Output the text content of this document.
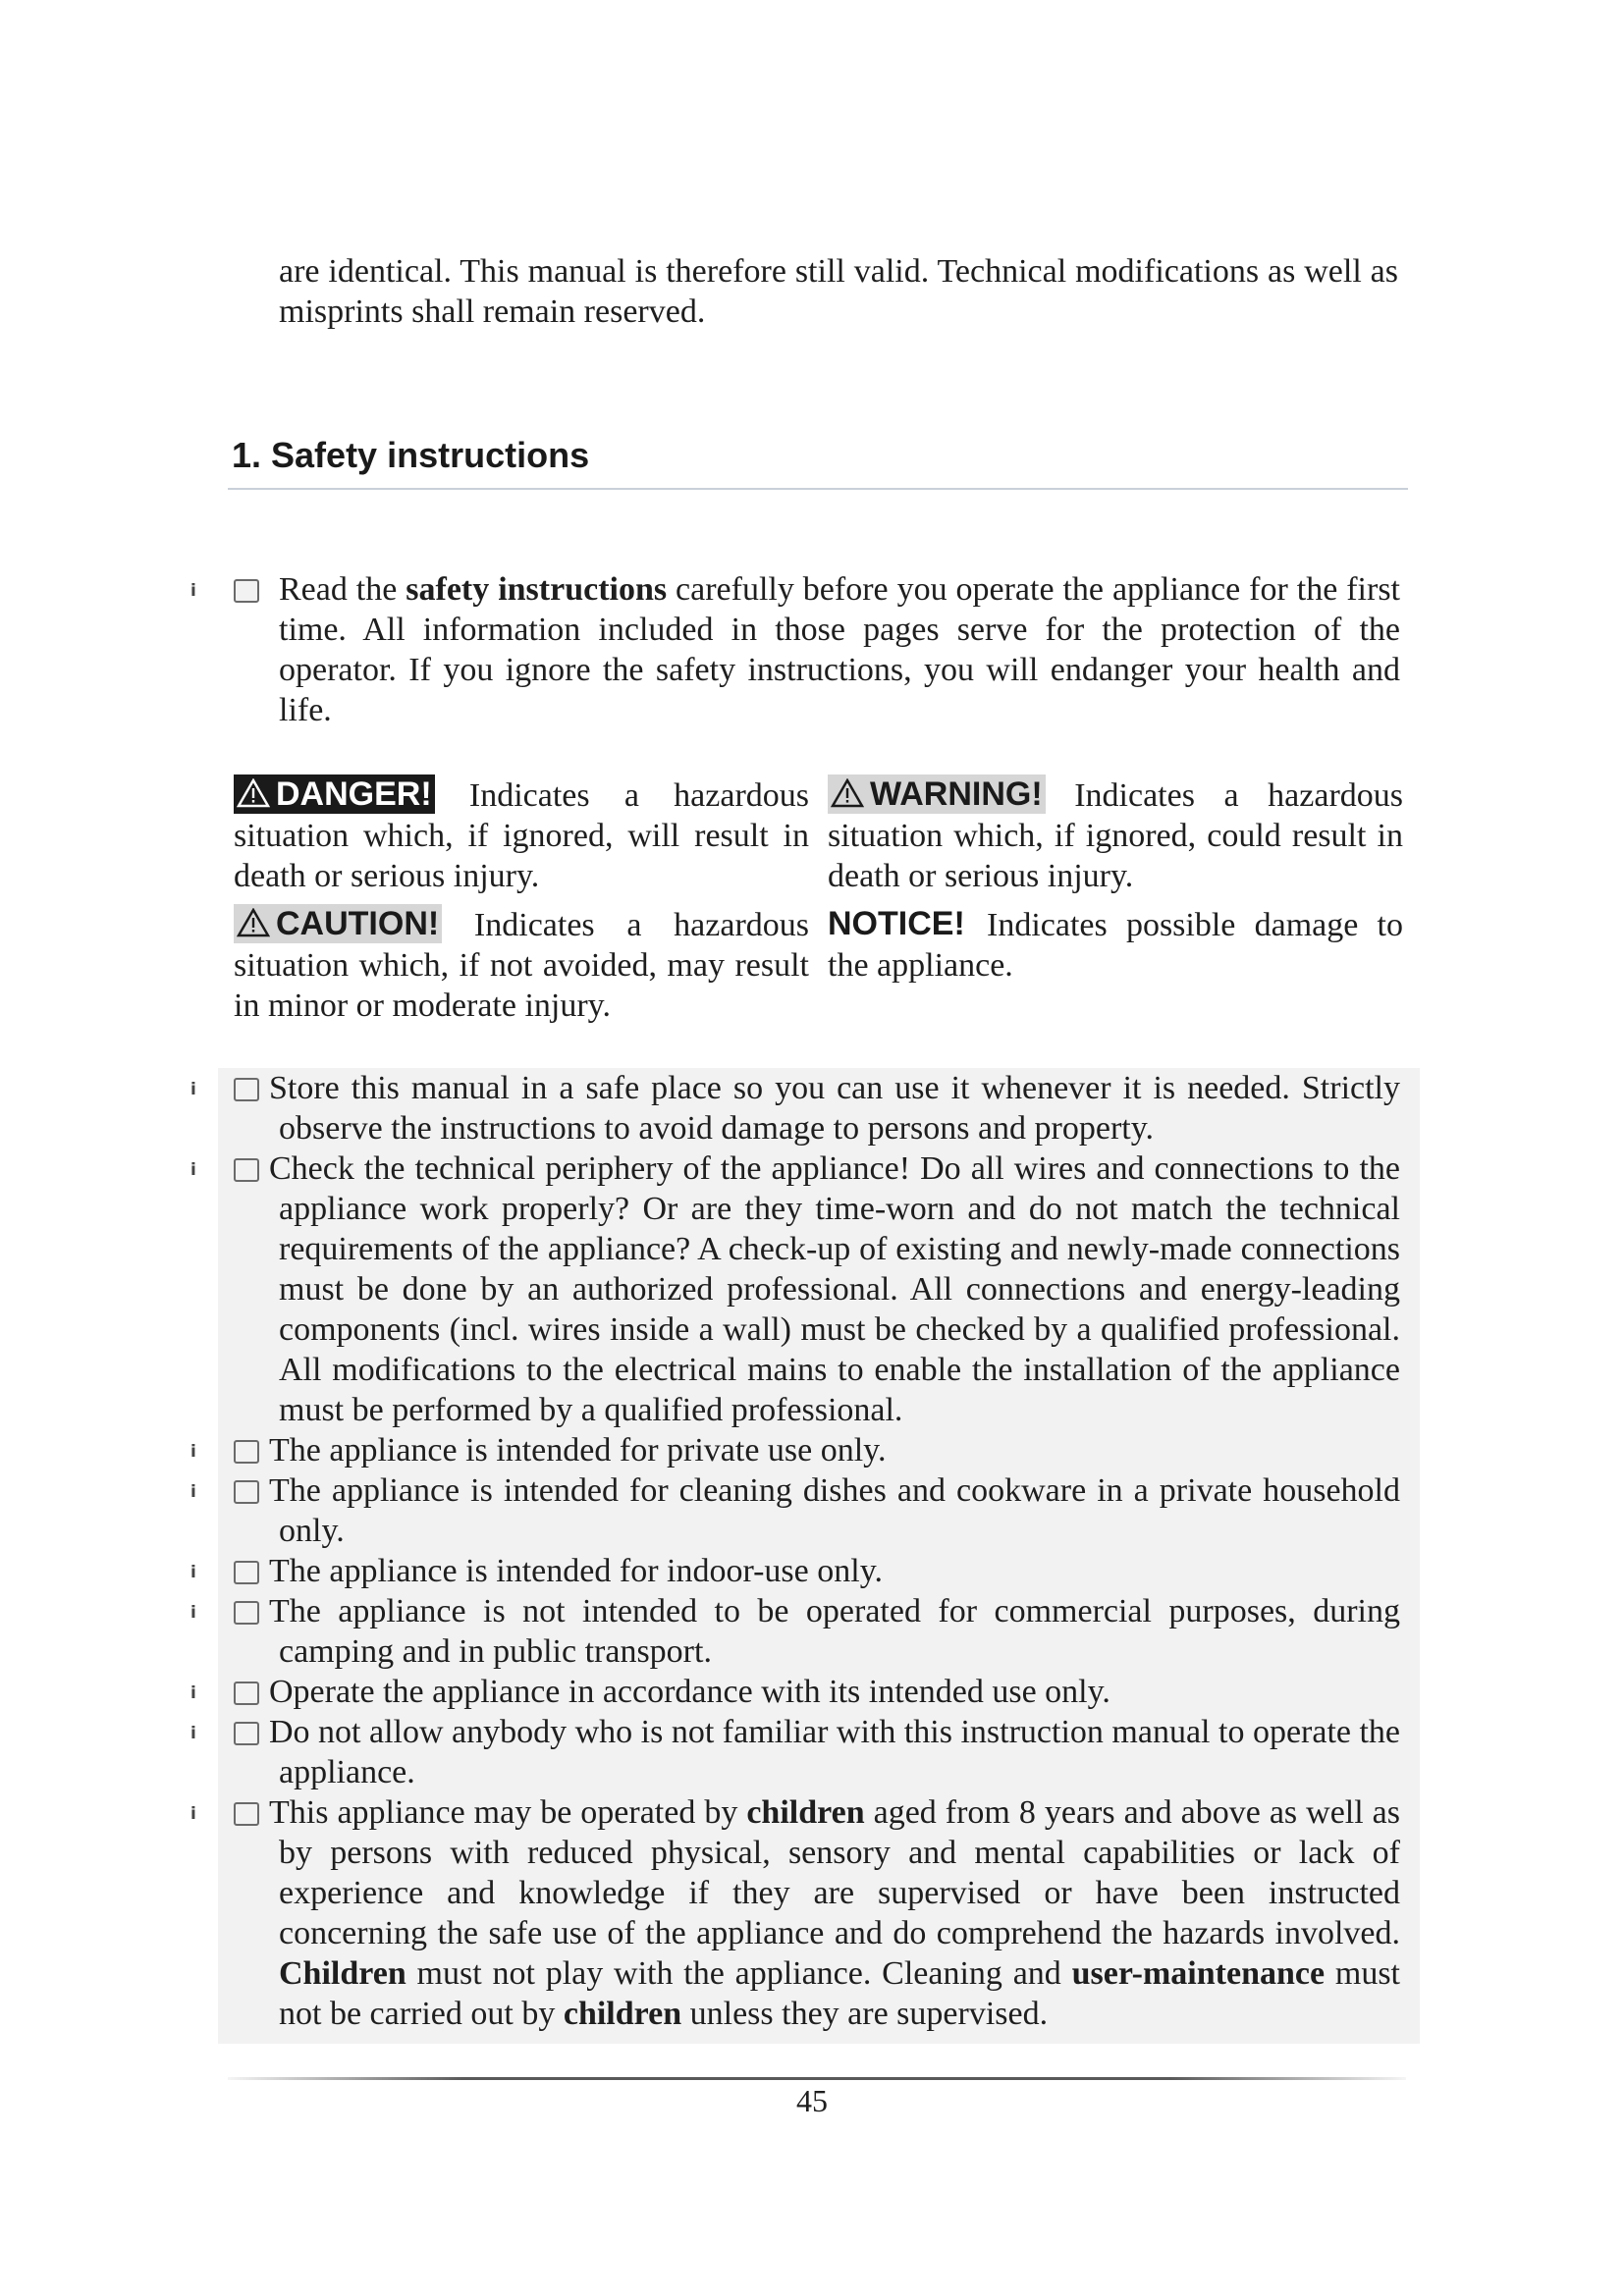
are identical. This manual is therefore still valid. Technical modifications as well as misprints shall remain reserved.

1. Safety instructions

i Read the safety instructions carefully before you operate the appliance for the first time. All information included in those pages serve for the protection of the operator. If you ignore the safety instructions, you will endanger your health and life.

DANGER! Indicates a hazardous situation which, if ignored, will result in death or serious injury.

WARNING! Indicates a hazardous situation which, if ignored, could result in death or serious injury.

CAUTION! Indicates a hazardous situation which, if not avoided, may result in minor or moderate injury.

NOTICE! Indicates possible damage to the appliance.

i Store this manual in a safe place so you can use it whenever it is needed. Strictly observe the instructions to avoid damage to persons and property.

i Check the technical periphery of the appliance! Do all wires and connections to the appliance work properly? Or are they time-worn and do not match the technical requirements of the appliance? A check-up of existing and newly-made connections must be done by an authorized professional. All connections and energy-leading components (incl. wires inside a wall) must be checked by a qualified professional. All modifications to the electrical mains to enable the installation of the appliance must be performed by a qualified professional.

i The appliance is intended for private use only.

i The appliance is intended for cleaning dishes and cookware in a private household only.

i The appliance is intended for indoor-use only.

i The appliance is not intended to be operated for commercial purposes, during camping and in public transport.

i Operate the appliance in accordance with its intended use only.

i Do not allow anybody who is not familiar with this instruction manual to operate the appliance.

i This appliance may be operated by children aged from 8 years and above as well as by persons with reduced physical, sensory and mental capabilities or lack of experience and knowledge if they are supervised or have been instructed concerning the safe use of the appliance and do comprehend the hazards involved. Children must not play with the appliance. Cleaning and user-maintenance must not be carried out by children unless they are supervised.

45
